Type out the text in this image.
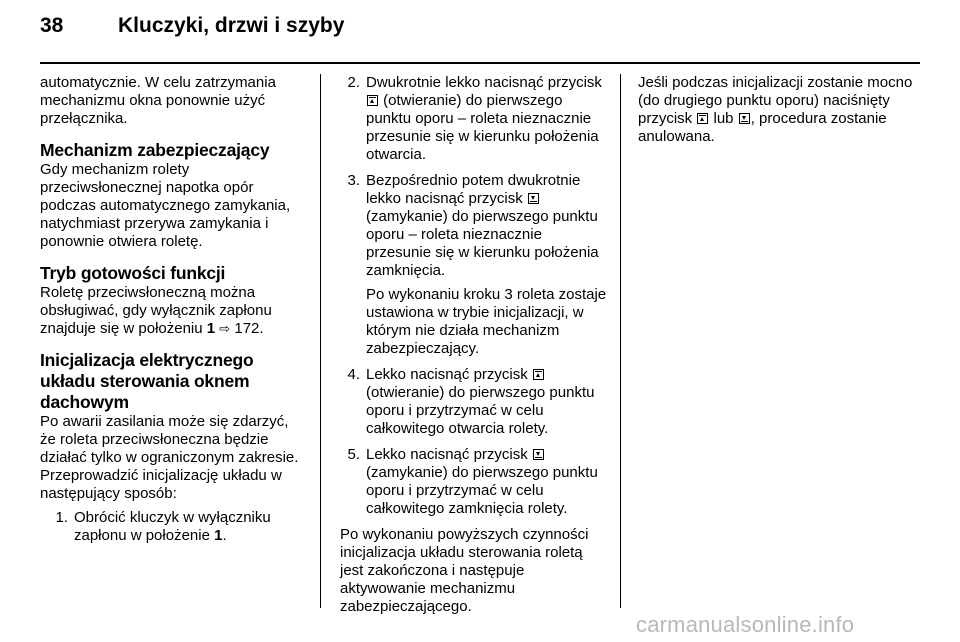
38	Kluczyki, drzwi i szyby

automatycznie. W celu zatrzymania mechanizmu okna ponownie użyć przełącznika.

Mechanizm zabezpieczający

Gdy mechanizm rolety przeciwsłonecznej napotka opór podczas automatycznego zamykania, natychmiast przerywa zamykania i ponownie otwiera roletę.

Tryb gotowości funkcji

Roletę przeciwsłoneczną można obsługiwać, gdy wyłącznik zapłonu znajduje się w położeniu 1 ⇨ 172.

Inicjalizacja elektrycznego układu sterowania oknem dachowym

Po awarii zasilania może się zdarzyć, że roleta przeciwsłoneczna będzie działać tylko w ograniczonym zakresie. Przeprowadzić inicjalizację układu w następujący sposób:

1. Obrócić kluczyk w wyłączniku zapłonu w położenie 1.
2. Dwukrotnie lekko nacisnąć przycisk  (otwieranie) do pierwszego punktu oporu – roleta nieznacznie przesunie się w kierunku położenia otwarcia.
3. Bezpośrednio potem dwukrotnie lekko nacisnąć przycisk  (zamykanie) do pierwszego punktu oporu – roleta nieznacznie przesunie się w kierunku położenia zamknięcia.
Po wykonaniu kroku 3 roleta zostaje ustawiona w trybie inicjalizacji, w którym nie działa mechanizm zabezpieczający.
4. Lekko nacisnąć przycisk  (otwieranie) do pierwszego punktu oporu i przytrzymać w celu całkowitego otwarcia rolety.
5. Lekko nacisnąć przycisk  (zamykanie) do pierwszego punktu oporu i przytrzymać w celu całkowitego zamknięcia rolety.

Po wykonaniu powyższych czynności inicjalizacja układu sterowania roletą jest zakończona i następuje aktywowanie mechanizmu zabezpieczającego.

Jeśli podczas inicjalizacji zostanie mocno (do drugiego punktu oporu) naciśnięty przycisk  lub , procedura zostanie anulowana.

carmanualsonline.info
